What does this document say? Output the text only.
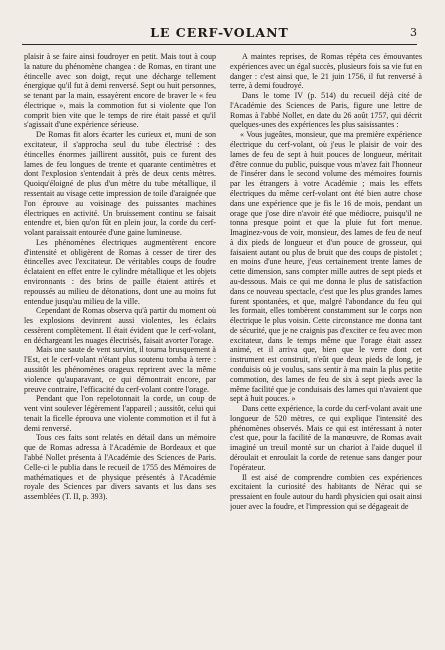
LE CERF-VOLANT	3

plaisir à se faire ainsi foudroyer en petit. Mais tout à coup la nature du phénomène changea : de Romas, en tirant une étincelle avec son doigt, reçut une décharge tellement énergique qu'il fut à demi renversé. Sept ou huit personnes, se tenant par la main, essayèrent encore de braver le « feu électrique », mais la commotion fut si violente que l'on comprit bien vite que le temps de rire était passé et qu'il s'agissait d'une expérience sérieuse.

De Romas fit alors écarter les curieux et, muni de son excitateur, il s'approcha seul du tube électrisé : des étincelles énormes jaillirent aussitôt, puis ce furent des lames de feu longues de trente et quarante centimètres et dont l'explosion s'entendait à près de deux cents mètres. Quoiqu'éloigné de plus d'un mètre du tube métallique, il ressentait au visage cette impression de toile d'araignée que l'on éprouve au voisinage des puissantes machines électriques en activité. Un bruissement continu se faisait entendre et, bien qu'on fût en plein jour, la corde du cerf-volant paraissait entourée d'une gaine lumineuse.

Les phénomènes électriques augmentèrent encore d'intensité et obligèrent de Romas à cesser de tirer des étincelles avec l'excitateur. De véritables coups de foudre éclataient en effet entre le cylindre métallique et les objets environnants : des brins de paille étaient attirés et repoussés au milieu de détonations, dont une au moins fut entendue jusqu'au milieu de la ville.

Cependant de Romas observa qu'à partir du moment où les explosions devinrent aussi violentes, les éclairs cessèrent complètement. Il était évident que le cerf-volant, en déchargeant les nuages électrisés, faisait avorter l'orage.

Mais une saute de vent survint, il tourna brusquement à l'Est, et le cerf-volant n'étant plus soutenu tomba à terre : aussitôt les phénomènes orageux reprirent avec la même violence qu'auparavant, ce qui démontrait encore, par preuve contraire, l'efficacité du cerf-volant contre l'orage.

Pendant que l'on repelotonnait la corde, un coup de vent vint soulever légèrement l'appareil ; aussitôt, celui qui tenait la ficelle éprouva une violente commotion et il fut à demi renversé.

Tous ces faits sont relatés en détail dans un mémoire que de Romas adressa à l'Académie de Bordeaux et que l'abbé Nollet présenta à l'Académie des Sciences de Paris. Celle-ci le publia dans le recueil de 1755 des Mémoires de mathématiques et de physique présentés à l'Académie royale des Sciences par divers savants et lus dans ses assemblées (T. II, p. 393).

A maintes reprises, de Romas répéta ces émouvantes expériences avec un égal succès, plusieurs fois sa vie fut en danger : c'est ainsi que, le 21 juin 1756, il fut renversé à terre, à demi foudroyé.

Dans le tome IV (p. 514) du recueil déjà cité de l'Académie des Sciences de Paris, figure une lettre de Romas à l'abbé Nollet, en date du 26 août 1757, qui décrit quelques-unes des expériences les plus saisissantes :

« Vous jugeâtes, monsieur, que ma première expérience électrique du cerf-volant, où j'eus le plaisir de voir des lames de feu de sept à huit pouces de longueur, méritait d'être connue du public, puisque vous m'avez fait l'honneur de l'insérer dans le second volume des mémoires fournis par les étrangers à votre Académie ; mais les effets électriques du même cerf-volant ont été bien autre chose dans une expérience que je fis le 16 de mois, pendant un orage que j'ose dire n'avoir été que médiocre, puisqu'il ne tonna presque point et que la pluie fut fort menue. Imaginez-vous de voir, monsieur, des lames de feu de neuf à dix pieds de longueur et d'un pouce de grosseur, qui faisaient autant ou plus de bruit que des coups de pistolet ; en moins d'une heure, j'eus certainement trente lames de cette dimension, sans compter mille autres de sept pieds et au-dessous. Mais ce qui me donna le plus de satisfaction dans ce nouveau spectacle, c'est que les plus grandes lames furent spontanées, et que, malgré l'abondance du feu qui les formait, elles tombèrent constamment sur le corps non électrique le plus voisin. Cette circonstance me donna tant de sécurité, que je ne craignis pas d'exciter ce feu avec mon excitateur, dans le temps même que l'orage était assez animé, et il arriva que, bien que le verre dont cet instrument est construit, n'eût que deux pieds de long, je conduisis où je voulus, sans sentir à ma main la plus petite commotion, des lames de feu de six à sept pieds avec la même facilité que je conduisais des lames qui n'avaient que sept à huit pouces. »

Dans cette expérience, la corde du cerf-volant avait une longueur de 520 mètres, ce qui explique l'intensité des phénomènes observés. Mais ce qui est intéressant à noter c'est que, pour la facilité de la manœuvre, de Romas avait imaginé un treuil monté sur un chariot à l'aide duquel il déroulait et enroulait la corde de retenue sans danger pour l'opérateur.

Il est aisé de comprendre combien ces expériences excitaient la curiosité des habitants de Nérac qui se pressaient en foule autour du hardi physicien qui osait ainsi jouer avec la foudre, et l'impression qui se dégageait de
